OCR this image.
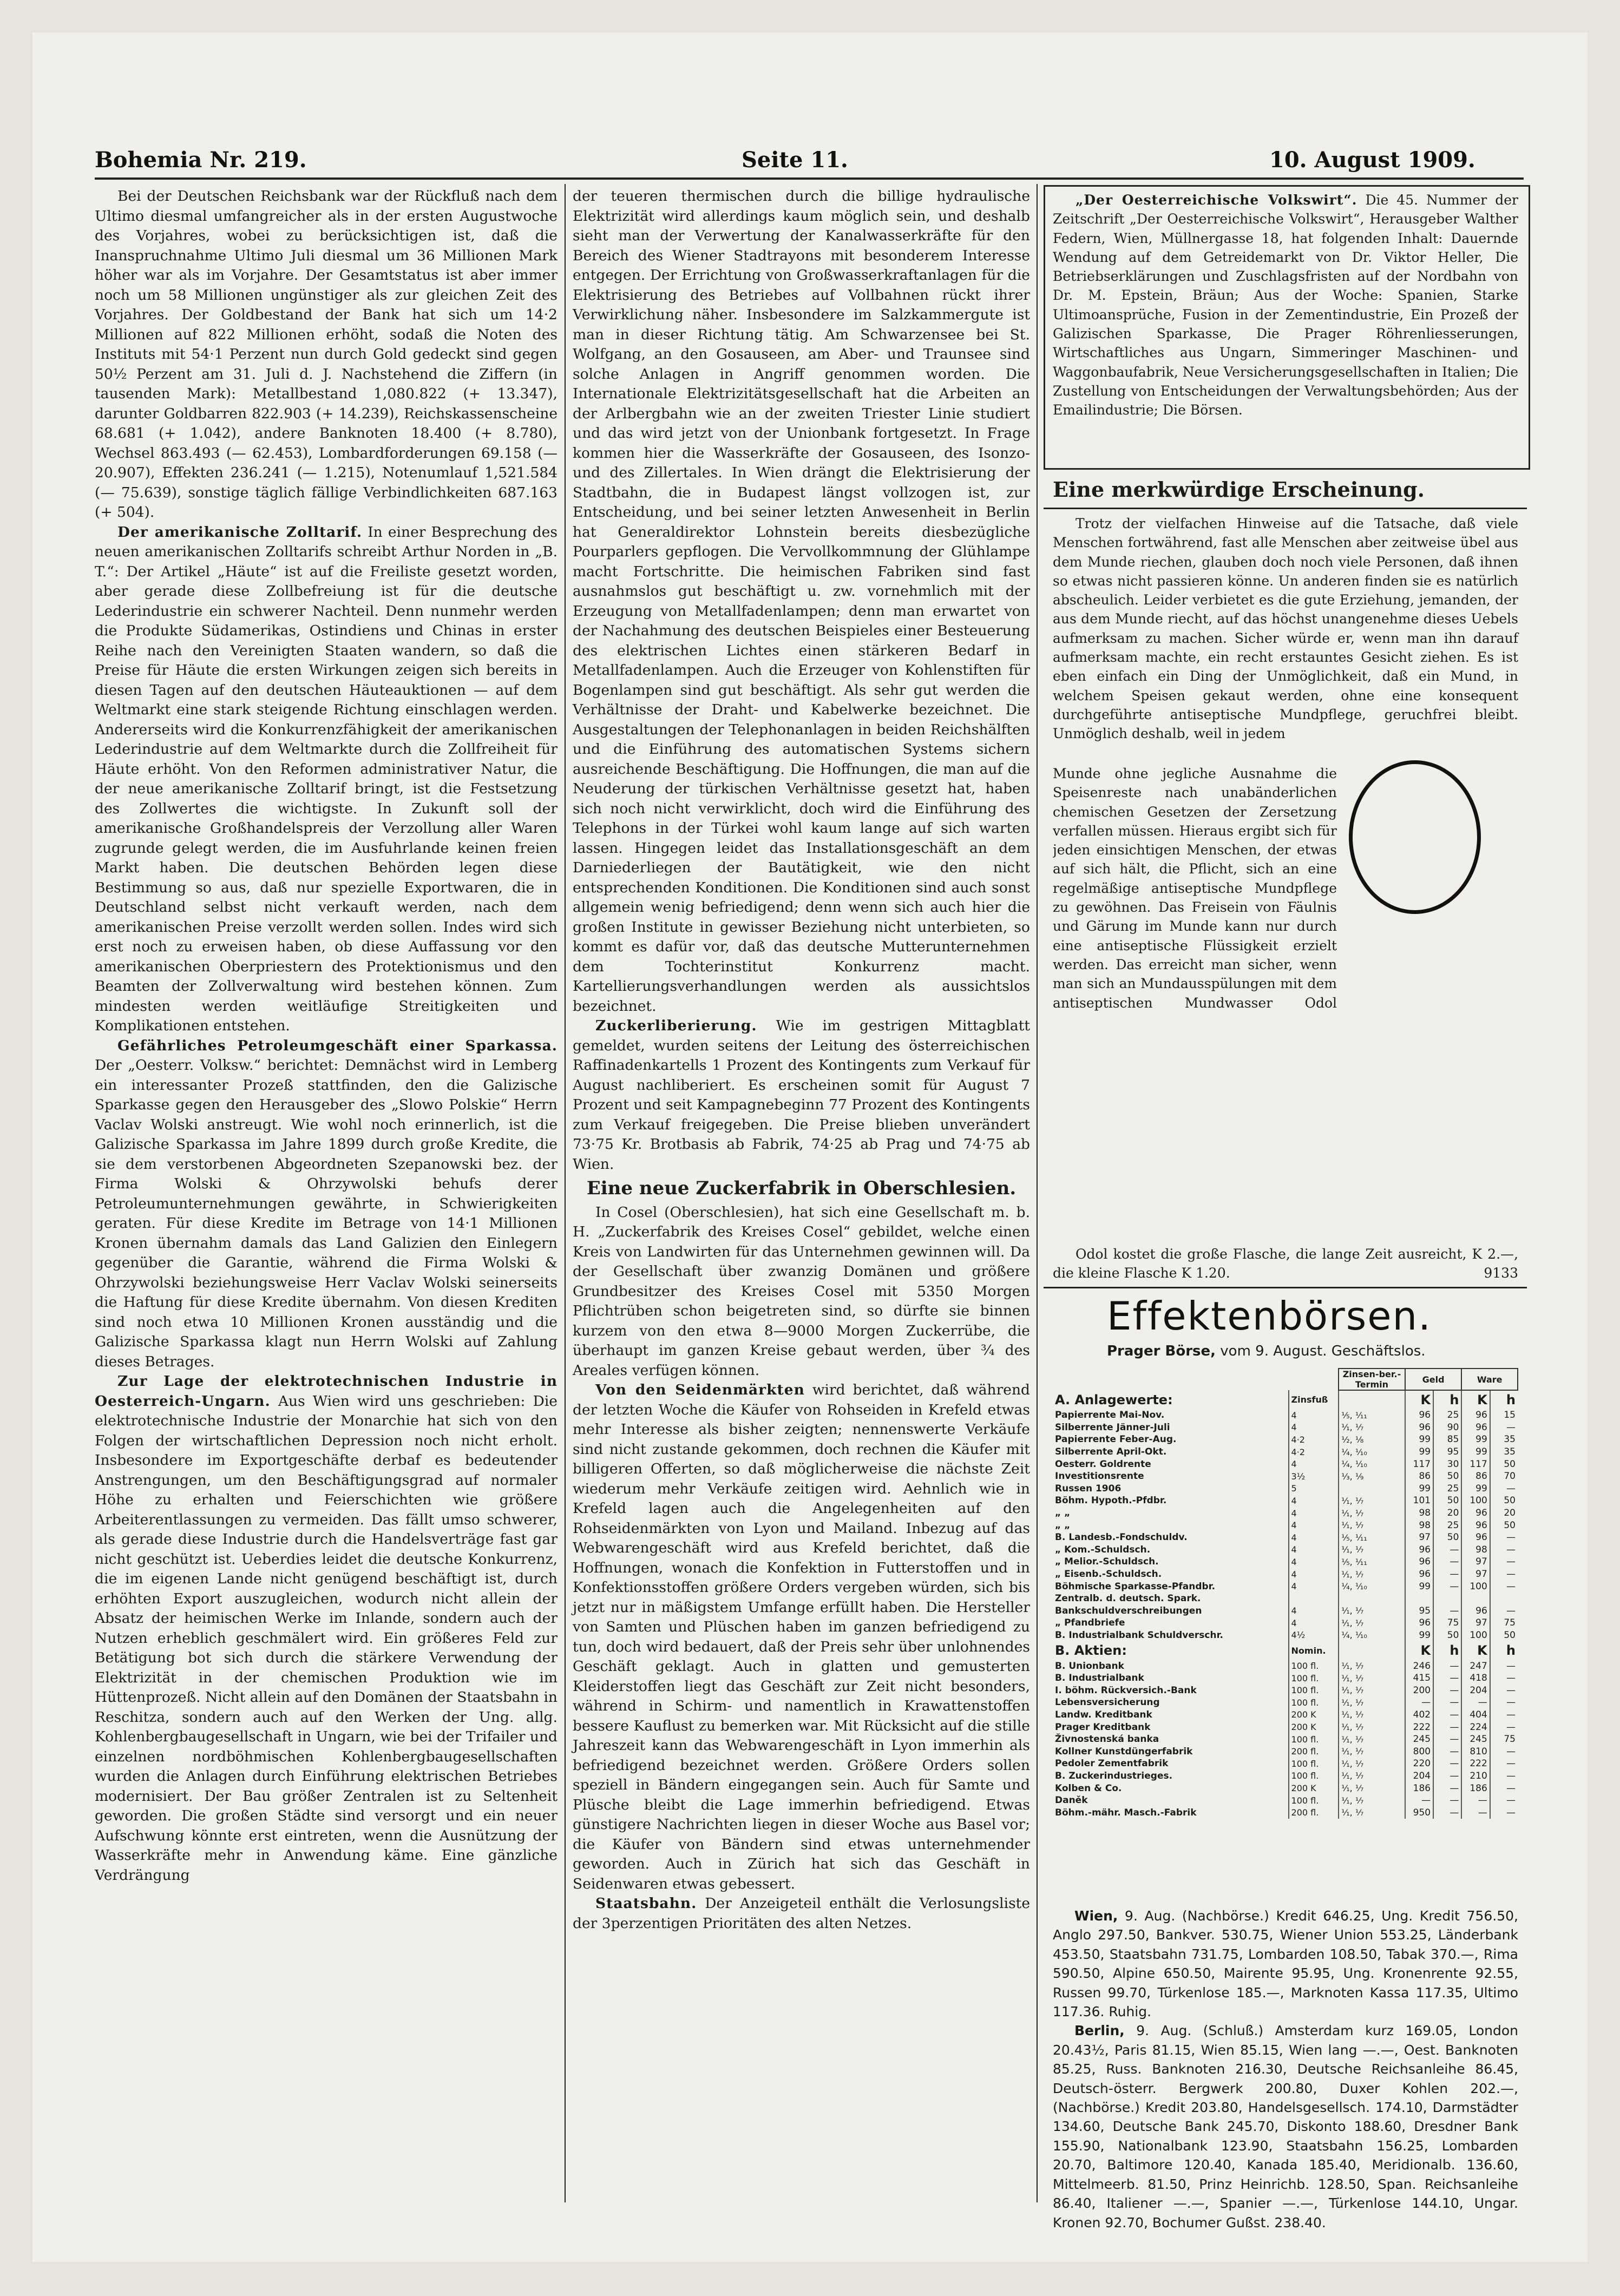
Bohemia Nr. 219.	Seite 11.	10. August 1909.

Bei der Deutschen Reichsbank war der Rückfluß nach dem Ultimo diesmal umfangreicher als in der ersten Augustwoche des Vorjahres, wobei zu berücksichtigen ist, daß die Inanspruchnahme Ultimo Juli diesmal um 36 Millionen Mark höher war als im Vorjahre. Der Gesamtstatus ist aber immer noch um 58 Millionen ungünstiger als zur gleichen Zeit des Vorjahres. Der Goldbestand der Bank hat sich um 14·2 Millionen auf 822 Millionen erhöht, sodaß die Noten des Instituts mit 54·1 Perzent nun durch Gold gedeckt sind gegen 50½ Perzent am 31. Juli d. J. Nachstehend die Ziffern (in tausenden Mark): Metallbestand 1,080.822 (+ 13.347), darunter Goldbarren 822.903 (+ 14.239), Reichskassenscheine 68.681 (+ 1.042), andere Banknoten 18.400 (+ 8.780), Wechsel 863.493 (— 62.453), Lombardforderungen 69.158 (— 20.907), Effekten 236.241 (— 1.215), Notenumlauf 1,521.584 (— 75.639), sonstige täglich fällige Verbindlichkeiten 687.163 (+ 504).

Der amerikanische Zolltarif. In einer Besprechung des neuen amerikanischen Zolltarifs schreibt Arthur Norden in „B. T.“: Der Artikel „Häute“ ist auf die Freiliste gesetzt worden, aber gerade diese Zollbefreiung ist für die deutsche Lederindustrie ein schwerer Nachteil. Denn nunmehr werden die Produkte Südamerikas, Ostindiens und Chinas in erster Reihe nach den Vereinigten Staaten wandern, so daß die Preise für Häute die ersten Wirkungen zeigen sich bereits in diesen Tagen auf den deutschen Häuteauktionen — auf dem Weltmarkt eine stark steigende Richtung einschlagen werden. Andererseits wird die Konkurrenzfähigkeit der amerikanischen Lederindustrie auf dem Weltmarkte durch die Zollfreiheit für Häute erhöht. Von den Reformen administrativer Natur, die der neue amerikanische Zolltarif bringt, ist die Festsetzung des Zollwertes die wichtigste. In Zukunft soll der amerikanische Großhandelspreis der Verzollung aller Waren zugrunde gelegt werden, die im Ausfuhrlande keinen freien Markt haben. Die deutschen Behörden legen diese Bestimmung so aus, daß nur spezielle Exportwaren, die in Deutschland selbst nicht verkauft werden, nach dem amerikanischen Preise verzollt werden sollen. Indes wird sich erst noch zu erweisen haben, ob diese Auffassung vor den amerikanischen Oberpriestern des Protektionismus und den Beamten der Zollverwaltung wird bestehen können. Zum mindesten werden weitläufige Streitigkeiten und Komplikationen entstehen.

Gefährliches Petroleumgeschäft einer Sparkassa. Der „Oesterr. Volksw.“ berichtet: Demnächst wird in Lemberg ein interessanter Prozeß stattfinden, den die Galizische Sparkasse gegen den Herausgeber des „Slowo Polskie“ Herrn Vaclav Wolski anstreugt. Wie wohl noch erinnerlich, ist die Galizische Sparkassa im Jahre 1899 durch große Kredite, die sie dem verstorbenen Abgeordneten Szepanowski bez. der Firma Wolski & Ohrzywolski behufs derer Petroleumunternehmungen gewährte, in Schwierigkeiten geraten. Für diese Kredite im Betrage von 14·1 Millionen Kronen übernahm damals das Land Galizien den Einlegern gegenüber die Garantie, während die Firma Wolski & Ohrzywolski beziehungsweise Herr Vaclav Wolski seinerseits die Haftung für diese Kredite übernahm. Von diesen Krediten sind noch etwa 10 Millionen Kronen ausständig und die Galizische Sparkassa klagt nun Herrn Wolski auf Zahlung dieses Betrages.

Zur Lage der elektrotechnischen Industrie in Oesterreich-Ungarn. Aus Wien wird uns geschrieben: Die elektrotechnische Industrie der Monarchie hat sich von den Folgen der wirtschaftlichen Depression noch nicht erholt. Insbesondere im Exportgeschäfte derbaf es bedeutender Anstrengungen, um den Beschäftigungsgrad auf normaler Höhe zu erhalten und Feierschichten wie größere Arbeiterentlassungen zu vermeiden. Das fällt umso schwerer, als gerade diese Industrie durch die Handelsverträge fast gar nicht geschützt ist. Ueberdies leidet die deutsche Konkurrenz, die im eigenen Lande nicht genügend beschäftigt ist, durch erhöhten Export auszugleichen, wodurch nicht allein der Absatz der heimischen Werke im Inlande, sondern auch der Nutzen erheblich geschmälert wird. Ein größeres Feld zur Betätigung bot sich durch die stärkere Verwendung der Elektrizität in der chemischen Produktion wie im Hüttenprozeß. Nicht allein auf den Domänen der Staatsbahn in Reschitza, sondern auch auf den Werken der Ung. allg. Kohlenbergbaugesellschaft in Ungarn, wie bei der Trifailer und einzelnen nordböhmischen Kohlenbergbaugesellschaften wurden die Anlagen durch Einführung elektrischen Betriebes modernisiert. Der Bau größer Zentralen ist zu Seltenheit geworden. Die großen Städte sind versorgt und ein neuer Aufschwung könnte erst eintreten, wenn die Ausnützung der Wasserkräfte mehr in Anwendung käme. Eine gänzliche Verdrängung

der teueren thermischen durch die billige hydraulische Elektrizität wird allerdings kaum möglich sein, und deshalb sieht man der Verwertung der Kanalwasserkräfte für den Bereich des Wiener Stadtrayons mit besonderem Interesse entgegen. Der Errichtung von Großwasserkraftanlagen für die Elektrisierung des Betriebes auf Vollbahnen rückt ihrer Verwirklichung näher. Insbesondere im Salzkammergute ist man in dieser Richtung tätig. Am Schwarzensee bei St. Wolfgang, an den Gosauseen, am Aber- und Traunsee sind solche Anlagen in Angriff genommen worden. Die Internationale Elektrizitätsgesellschaft hat die Arbeiten an der Arlbergbahn wie an der zweiten Triester Linie studiert und das wird jetzt von der Unionbank fortgesetzt. In Frage kommen hier die Wasserkräfte der Gosauseen, des Isonzo- und des Zillertales. In Wien drängt die Elektrisierung der Stadtbahn, die in Budapest längst vollzogen ist, zur Entscheidung, und bei seiner letzten Anwesenheit in Berlin hat Generaldirektor Lohnstein bereits diesbezügliche Pourparlers gepflogen. Die Vervollkommnung der Glühlampe macht Fortschritte. Die heimischen Fabriken sind fast ausnahmslos gut beschäftigt u. zw. vornehmlich mit der Erzeugung von Metallfadenlampen; denn man erwartet von der Nachahmung des deutschen Beispieles einer Besteuerung des elektrischen Lichtes einen stärkeren Bedarf in Metallfadenlampen. Auch die Erzeuger von Kohlenstiften für Bogenlampen sind gut beschäftigt. Als sehr gut werden die Verhältnisse der Draht- und Kabelwerke bezeichnet. Die Ausgestaltungen der Telephonanlagen in beiden Reichshälften und die Einführung des automatischen Systems sichern ausreichende Beschäftigung. Die Hoffnungen, die man auf die Neuderung der türkischen Verhältnisse gesetzt hat, haben sich noch nicht verwirklicht, doch wird die Einführung des Telephons in der Türkei wohl kaum lange auf sich warten lassen. Hingegen leidet das Installationsgeschäft an dem Darniederliegen der Bautätigkeit, wie den nicht entsprechenden Konditionen. Die Konditionen sind auch sonst allgemein wenig befriedigend; denn wenn sich auch hier die großen Institute in gewisser Beziehung nicht unterbieten, so kommt es dafür vor, daß das deutsche Mutterunternehmen dem Tochterinstitut Konkurrenz macht. Kartellierungsverhandlungen werden als aussichtslos bezeichnet.

Zuckerliberierung. Wie im gestrigen Mittagblatt gemeldet, wurden seitens der Leitung des österreichischen Raffinadenkartells 1 Prozent des Kontingents zum Verkauf für August nachliberiert. Es erscheinen somit für August 7 Prozent und seit Kampagnebeginn 77 Prozent des Kontingents zum Verkauf freigegeben. Die Preise blieben unverändert 73·75 Kr. Brotbasis ab Fabrik, 74·25 ab Prag und 74·75 ab Wien.

Eine neue Zuckerfabrik in Oberschlesien.

In Cosel (Oberschlesien), hat sich eine Gesellschaft m. b. H. „Zuckerfabrik des Kreises Cosel“ gebildet, welche einen Kreis von Landwirten für das Unternehmen gewinnen will. Da der Gesellschaft über zwanzig Domänen und größere Grundbesitzer des Kreises Cosel mit 5350 Morgen Pflichtrüben schon beigetreten sind, so dürfte sie binnen kurzem von den etwa 8—9000 Morgen Zuckerrübe, die überhaupt im ganzen Kreise gebaut werden, über ¾ des Areales verfügen können.

Von den Seidenmärkten wird berichtet, daß während der letzten Woche die Käufer von Rohseiden in Krefeld etwas mehr Interesse als bisher zeigten; nennenswerte Verkäufe sind nicht zustande gekommen, doch rechnen die Käufer mit billigeren Offerten, so daß möglicherweise die nächste Zeit wiederum mehr Verkäufe zeitigen wird. Aehnlich wie in Krefeld lagen auch die Angelegenheiten auf den Rohseidenmärkten von Lyon und Mailand. Inbezug auf das Webwarengeschäft wird aus Krefeld berichtet, daß die Hoffnungen, wonach die Konfektion in Futterstoffen und in Konfektionsstoffen größere Orders vergeben würden, sich bis jetzt nur in mäßigstem Umfange erfüllt haben. Die Hersteller von Samten und Plüschen haben im ganzen befriedigend zu tun, doch wird bedauert, daß der Preis sehr über unlohnendes Geschäft geklagt. Auch in glatten und gemusterten Kleiderstoffen liegt das Geschäft zur Zeit nicht besonders, während in Schirm- und namentlich in Krawattenstoffen bessere Kauflust zu bemerken war. Mit Rücksicht auf die stille Jahreszeit kann das Webwarengeschäft in Lyon immerhin als befriedigend bezeichnet werden. Größere Orders sollen speziell in Bändern eingegangen sein. Auch für Samte und Plüsche bleibt die Lage immerhin befriedigend. Etwas günstigere Nachrichten liegen in dieser Woche aus Basel vor; die Käufer von Bändern sind etwas unternehmender geworden. Auch in Zürich hat sich das Geschäft in Seidenwaren etwas gebessert.

Staatsbahn. Der Anzeigeteil enthält die Verlosungsliste der 3perzentigen Prioritäten des alten Netzes.

„Der Oesterreichische Volkswirt“. Die 45. Nummer der Zeitschrift „Der Oesterreichische Volkswirt“, Herausgeber Walther Federn, Wien, Müllnergasse 18, hat folgenden Inhalt: Dauernde Wendung auf dem Getreidemarkt von Dr. Viktor Heller, Die Betriebserklärungen und Zuschlagsfristen auf der Nordbahn von Dr. M. Epstein, Bräun; Aus der Woche: Spanien, Starke Ultimoansprüche, Fusion in der Zementindustrie, Ein Prozeß der Galizischen Sparkasse, Die Prager Röhrenliesserungen, Wirtschaftliches aus Ungarn, Simmeringer Maschinen- und Waggonbaufabrik, Neue Versicherungsgesellschaften in Italien; Die Zustellung von Entscheidungen der Verwaltungsbehörden; Aus der Emailindustrie; Die Börsen.

Eine merkwürdige Erscheinung.

Trotz der vielfachen Hinweise auf die Tatsache, daß viele Menschen fortwährend, fast alle Menschen aber zeitweise übel aus dem Munde riechen, glauben doch noch viele Personen, daß ihnen so etwas nicht passieren könne. Un anderen finden sie es natürlich abscheulich. Leider verbietet es die gute Erziehung, jemanden, der aus dem Munde riecht, auf das höchst unangenehme dieses Uebels aufmerksam zu machen. Sicher würde er, wenn man ihn darauf aufmerksam machte, ein recht erstauntes Gesicht ziehen. Es ist eben einfach ein Ding der Unmöglichkeit, daß ein Mund, in welchem Speisen gekaut werden, ohne eine konsequent durchgeführte antiseptische Mundpflege, geruchfrei bleibt. Unmöglich deshalb, weil in jedem

Munde ohne jegliche Ausnahme die Speisenreste nach unabänderlichen chemischen Gesetzen der Zersetzung verfallen müssen. Hieraus ergibt sich für jeden einsichtigen Menschen, der etwas auf sich hält, die Pflicht, sich an eine regelmäßige antiseptische Mundpflege zu gewöhnen. Das Freisein von Fäulnis und Gärung im Munde kann nur durch eine antiseptische Flüssigkeit erzielt werden. Das erreicht man sicher, wenn man sich an Mundausspülungen mit dem antiseptischen Mundwasser Odol

Odol kostet die große Flasche, die lange Zeit ausreicht, K 2.—, die kleine Flasche K 1.20.	9133

Effektenbörsen.
Prager Börse, vom 9. August. Geschäftslos.
		Zinsen-ber.-Termin	Geld		Ware	
A. Anlagewerte:	Zinsfuß		K	h	K	h
Papierrente Mai-Nov.	4	⅕, ⅟₁₁	96	25	96	15
Silberrente Jänner-Juli	4	⅟₁, ⅟₇	96	90	96	—
Papierrente Feber-Aug.	4·2	⅟₂, ⅟₈	99	85	99	35
Silberrente April-Okt.	4·2	⅟₄, ⅟₁₀	99	95	99	35
Oesterr. Goldrente	4	⅟₄, ⅟₁₀	117	30	117	50
Investitionsrente	3½	⅟₃, ⅟₉	86	50	86	70
Russen 1906	5		99	25	99	—
Böhm. Hypoth.-Pfdbr.	4	⅟₁, ⅟₇	101	50	100	50
„ „	4	⅟₁, ⅟₇	98	20	96	20
„ „	4	⅟₁, ⅟₇	98	25	96	50
B. Landesb.-Fondschuldv.	4	⅟₅, ⅟₁₁	97	50	96	—
„ Kom.-Schuldsch.	4	⅟₁, ⅟₇	96	—	98	—
„ Melior.-Schuldsch.	4	⅟₅, ⅟₁₁	96	—	97	—
„ Eisenb.-Schuldsch.	4	⅟₁, ⅟₇	96	—	97	—
Böhmische Sparkasse-Pfandbr.	4	⅟₄, ⅟₁₀	99	—	100	—
Zentralb. d. deutsch. Spark.						
Bankschuldverschreibungen	4	⅟₁, ⅟₇	95	—	96	—
„ Pfandbriefe	4	⅟₁, ⅟₇	96	75	97	75
B. Industrialbank Schuldverschr.	4½	⅟₄, ⅟₁₀	99	50	100	50
B. Aktien:	Nomin.		K	h	K	h
B. Unionbank	100 fl.	⅟₁, ⅟₇	246	—	247	—
B. Industrialbank	100 fl.	⅟₁, ⅟₇	415	—	418	—
I. böhm. Rückversich.-Bank	100 fl.	⅟₁, ⅟₇	200	—	204	—
Lebensversicherung	100 fl.	⅟₁, ⅟₇	—	—	—	—
Landw. Kreditbank	200 K	⅟₁, ⅟₇	402	—	404	—
Prager Kreditbank	200 K	⅟₁, ⅟₇	222	—	224	—
Živnostenská banka	100 fl.	⅟₁, ⅟₇	245	—	245	75
Kollner Kunstdüngerfabrik	200 fl.	⅟₁, ⅟₇	800	—	810	—
Pedoler Zementfabrik	100 fl.	⅟₁, ⅟₇	220	—	222	—
B. Zuckerindustrieges.	100 fl.	⅟₁, ⅟₇	204	—	210	—
Kolben & Co.	200 K	⅟₁, ⅟₇	186	—	186	—
Daněk	100 fl.	⅟₁, ⅟₇	—	—	—	—
Böhm.-mähr. Masch.-Fabrik	200 fl.	⅟₁, ⅟₇	950	—	—	—

Wien, 9. Aug. (Nachbörse.) Kredit 646.25, Ung. Kredit 756.50, Anglo 297.50, Bankver. 530.75, Wiener Union 553.25, Länderbank 453.50, Staatsbahn 731.75, Lombarden 108.50, Tabak 370.—, Rima 590.50, Alpine 650.50, Mairente 95.95, Ung. Kronenrente 92.55, Russen 99.70, Türkenlose 185.—, Marknoten Kassa 117.35, Ultimo 117.36. Ruhig.

Berlin, 9. Aug. (Schluß.) Amsterdam kurz 169.05, London 20.43½, Paris 81.15, Wien 85.15, Wien lang —.—, Oest. Banknoten 85.25, Russ. Banknoten 216.30, Deutsche Reichsanleihe 86.45, Deutsch-österr. Bergwerk 200.80, Duxer Kohlen 202.—, (Nachbörse.) Kredit 203.80, Handelsgesellsch. 174.10, Darmstädter 134.60, Deutsche Bank 245.70, Diskonto 188.60, Dresdner Bank 155.90, Nationalbank 123.90, Staatsbahn 156.25, Lombarden 20.70, Baltimore 120.40, Kanada 185.40, Meridionalb. 136.60, Mittelmeerb. 81.50, Prinz Heinrichb. 128.50, Span. Reichsanleihe 86.40, Italiener —.—, Spanier —.—, Türkenlose 144.10, Ungar. Kronen 92.70, Bochumer Gußst. 238.40.
